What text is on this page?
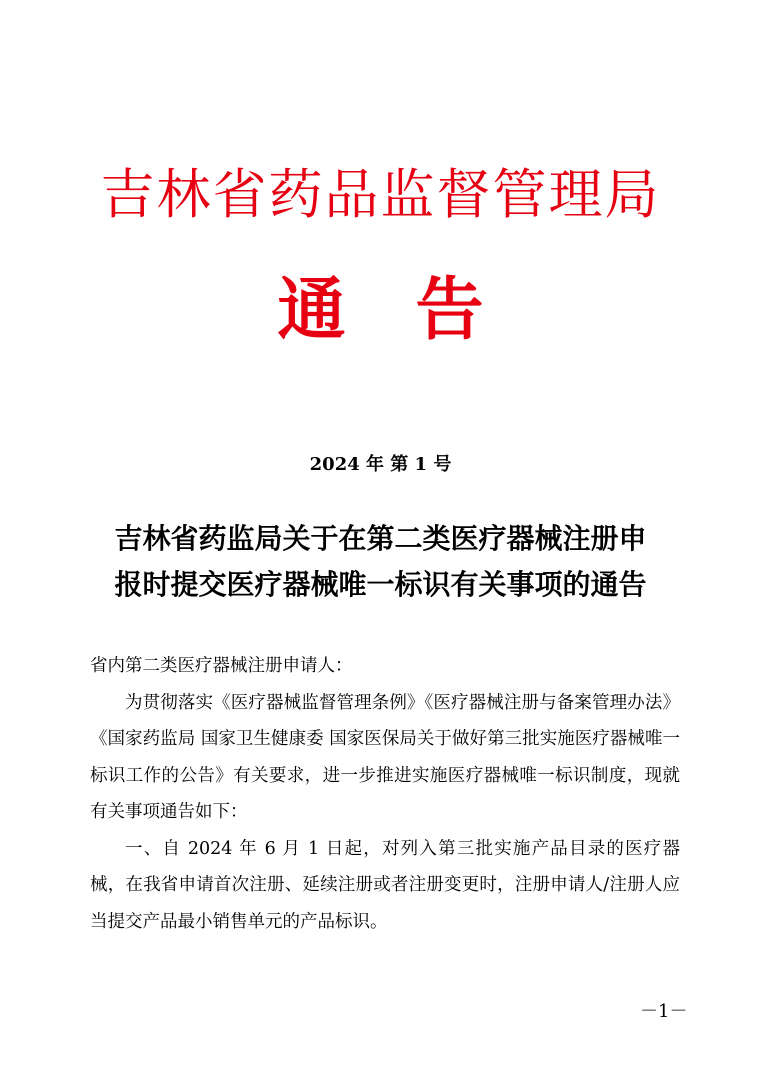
吉林省药品监督管理局
通告
2024 年 第 1 号
吉林省药监局关于在第二类医疗器械注册申
报时提交医疗器械唯一标识有关事项的通告

省内第二类医疗器械注册申请人：

为贯彻落实《医疗器械监督管理条例》《医疗器械注册与备案管理办法》《国家药监局 国家卫生健康委 国家医保局关于做好第三批实施医疗器械唯一标识工作的公告》有关要求，进一步推进实施医疗器械唯一标识制度，现就有关事项通告如下：

一、自 2024 年 6 月 1 日起，对列入第三批实施产品目录的医疗器械，在我省申请首次注册、延续注册或者注册变更时，注册申请人/注册人应当提交产品最小销售单元的产品标识。

－1－
